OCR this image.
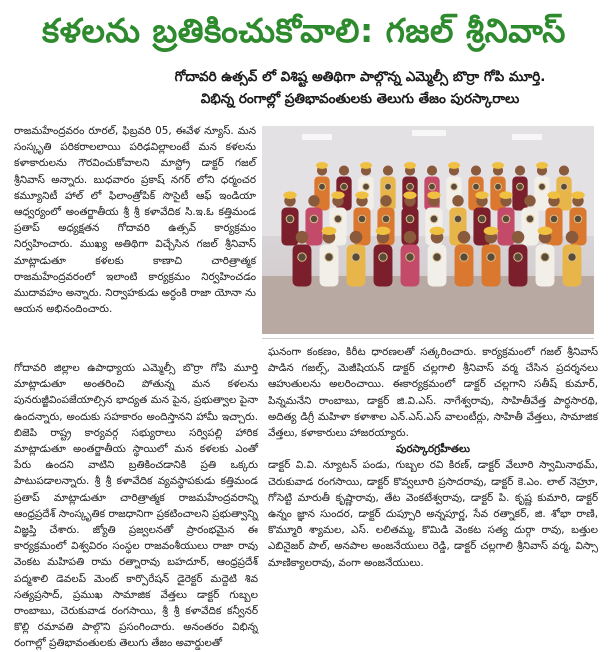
కళలను బ్రతికించుకోవాలి: గజల్ శ్రీనివాస్
గోదావరి ఉత్సవ్ లో విశిష్ట అతిథిగా పాల్గొన్న ఎమ్మెల్సీ బొర్రా గోపి మూర్తి.
విభిన్న రంగాల్లో ప్రతిభావంతులకు తెలుగు తేజం పురస్కారాలు

రాజమహేంద్రవరం రూరల్, ఫిబ్రవరి 05, ఈవేళ న్యూస్. మన సంస్కృతి పరికరాలలాయి పరిఢవిల్లాలంటే మన కళలను కళాకారులను గౌరవించుకోవాలని మాస్ట్రో డాక్టర్ గజల్ శ్రీనివాస్ అన్నారు. బుధవారం ప్రకాష్ నగర్ లోని ధర్మంచర కమ్యూనిటీ హాల్ లో ఫిలాంత్రోపిక్ సొసైటీ ఆఫ్ ఇండియా ఆధ్వర్యంలో అంతర్జాతీయ శ్రీ శ్రీ కళావేదిక సి.ఇ.ఓ కత్తిమండ ప్రతాప్ అధ్యక్షతన గోదావరి ఉత్సవ్ కార్యక్రమం నిర్వహించారు. ముఖ్య అతిథిగా విచ్చేసిన గజల్ శ్రీనివాస్ మాట్లాడుతూ కళలకు కాణాచి చారిత్రాత్మక రాజమహేంద్రవరంలో ఇలాంటి కార్యక్రమం నిర్వహించడం ముదావహం అన్నారు. నిర్వాహకుడు అర్ధంకి రాజా యోనా ను ఆయన అభినందించారు.

గోదావరి జిల్లాల ఉపాధ్యాయ ఎమ్మెల్సీ బొర్రా గోపి మూర్తి మాట్లాడుతూ అంతరించి పోతున్న మన కళలను పునరుజ్జీవింపజేయాల్సిన భాద్యత మన పైన, ప్రభుత్వాల పైనా ఉందన్నారు, అందుకు సహకారం అందిస్తానని హామీ ఇచ్చారు. బిజెపి రాష్ట్ర కార్యవర్గ సభ్యురాలు సర్విపల్లి హారిక మాట్లాడుతూ అంతర్జాతీయ స్థాయిలో మన కళలకు ఎంతో పేరు ఉందని వాటిని బ్రతికించడానికి ప్రతి ఒక్కరు పాటుపడాలన్నారు. శ్రీ శ్రీ కళావేదిక వ్యవస్థాపకుడు కత్తిమండ ప్రతాప్ మాట్లాడుతూ చారిత్రాత్మక రాజమహేంద్రవరాన్ని ఆంధ్రప్రదేశ్ సాంస్కృతిక రాజధానిగా ప్రకటించాలని ప్రభుత్వాన్ని విజ్ఞప్తి చేశారు. జ్యోతి ప్రజ్వలనతో ప్రారంభమైన ఈ కార్యక్రమంలో విశ్వవిరం సంస్థల రాజవంశీయులు రాజా రావు వెంకట మహిపతి రామ రత్నారావు బహదూర్, ఆంధ్రప్రదేశ్ పద్మశాలి డెవలప్ మెంట్ కార్పొరేషన్ డైరెక్టర్ మద్దెటి శివ సత్యప్రసాద్, ప్రముఖ సామాజిక వేత్తలు డాక్టర్ గుబ్బల రాంబాబు, చెరుకువాడ రంగసాయి, శ్రీ శ్రీ కళావేదిక కన్వీనర్ కొల్లి రమావతి పాల్గొని ప్రసంగించారు. అనంతరం విభిన్న రంగాల్లో ప్రతిభావంతులకు తెలుగు తేజం అవార్డులతో

ఘనంగా కంకణం, కిరీట ధారణలతో సత్కరించారు. కార్యక్రమంలో గజల్ శ్రీనివాస్ పాడిన గజల్స్, మెజీషియన్ డాక్టర్ చల్లగాలి శ్రీనివాస్ వర్మ చేసిన ప్రదర్శనలు ఆహుతులను అలరించాయి. ఈకార్యక్రమంలో డాక్టర్ చల్లగాని సతీష్ కుమార్, పిన్నమనేని రాంబాబు, డాక్టర్ జి.వి.ఎస్. నాగేశ్వరావు, సాహితీవేత్త పార్థసారథి, అదిత్య డిగ్రీ మహిళా కళాశాల ఎన్.ఎస్.ఎస్ వాలంటీర్లు, సాహితీ వేత్తలు, సామాజిక వేత్తలు, కళాకారులు హాజరయ్యారు.

పురస్కారగ్రహీతలు

డాక్టర్ వి.వి. న్యూటన్ పండు, గుబ్బల రవి కిరణ్, డాక్టర్ వేలూరి స్వామినాథమ్, చెరుకువాడ రంగసాయి, డాక్టర్ కొవ్వలూరి ప్రసాదరావు, డాక్టర్ కె.ఎం. లాల్ నెహ్రూ, గోసెట్టి మారుతీ కృష్ణారావు, తేట వెంకటేశ్వరావు, డాక్టర్ పి. కృష్ణ కుమారి, డాక్టర్ ఉన్నం జ్ఞాన సుందర, డాక్టర్ దుప్పూరి అన్నపూర్ణ, సేవ రత్నాకర్, జి. శోభా రాణి, కొమ్మూరి శ్యామల, ఎస్. లలితమ్మ, కొమిడి వెంకట సత్య దుర్గా రావు, బత్తుల ఎబినైజర్ పాల్, అనపాల అంజనేయులు రెడ్డి, డాక్టర్ చల్లగాలి శ్రీనివాస్ వర్మ, విస్సా మాణిక్యాలరావు, వంగా అంజనేయులు.
